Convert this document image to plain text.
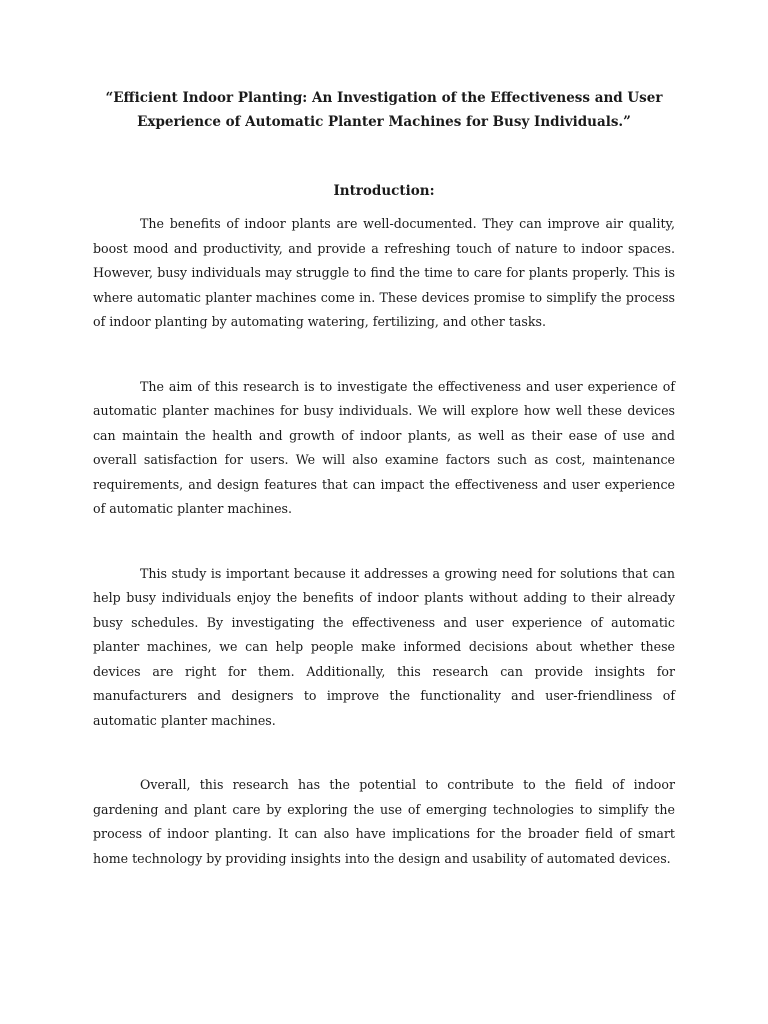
“Efficient Indoor Planting: An Investigation of the Effectiveness and User Experience of Automatic Planter Machines for Busy Individuals.”
Introduction:

The benefits of indoor plants are well-documented. They can improve air quality, boost mood and productivity, and provide a refreshing touch of nature to indoor spaces. However, busy individuals may struggle to find the time to care for plants properly. This is where automatic planter machines come in. These devices promise to simplify the process of indoor planting by automating watering, fertilizing, and other tasks.

The aim of this research is to investigate the effectiveness and user experience of automatic planter machines for busy individuals. We will explore how well these devices can maintain the health and growth of indoor plants, as well as their ease of use and overall satisfaction for users. We will also examine factors such as cost, maintenance requirements, and design features that can impact the effectiveness and user experience of automatic planter machines.

This study is important because it addresses a growing need for solutions that can help busy individuals enjoy the benefits of indoor plants without adding to their already busy schedules. By investigating the effectiveness and user experience of automatic planter machines, we can help people make informed decisions about whether these devices are right for them. Additionally, this research can provide insights for manufacturers and designers to improve the functionality and user-friendliness of automatic planter machines.

Overall, this research has the potential to contribute to the field of indoor gardening and plant care by exploring the use of emerging technologies to simplify the process of indoor planting. It can also have implications for the broader field of smart home technology by providing insights into the design and usability of automated devices.
